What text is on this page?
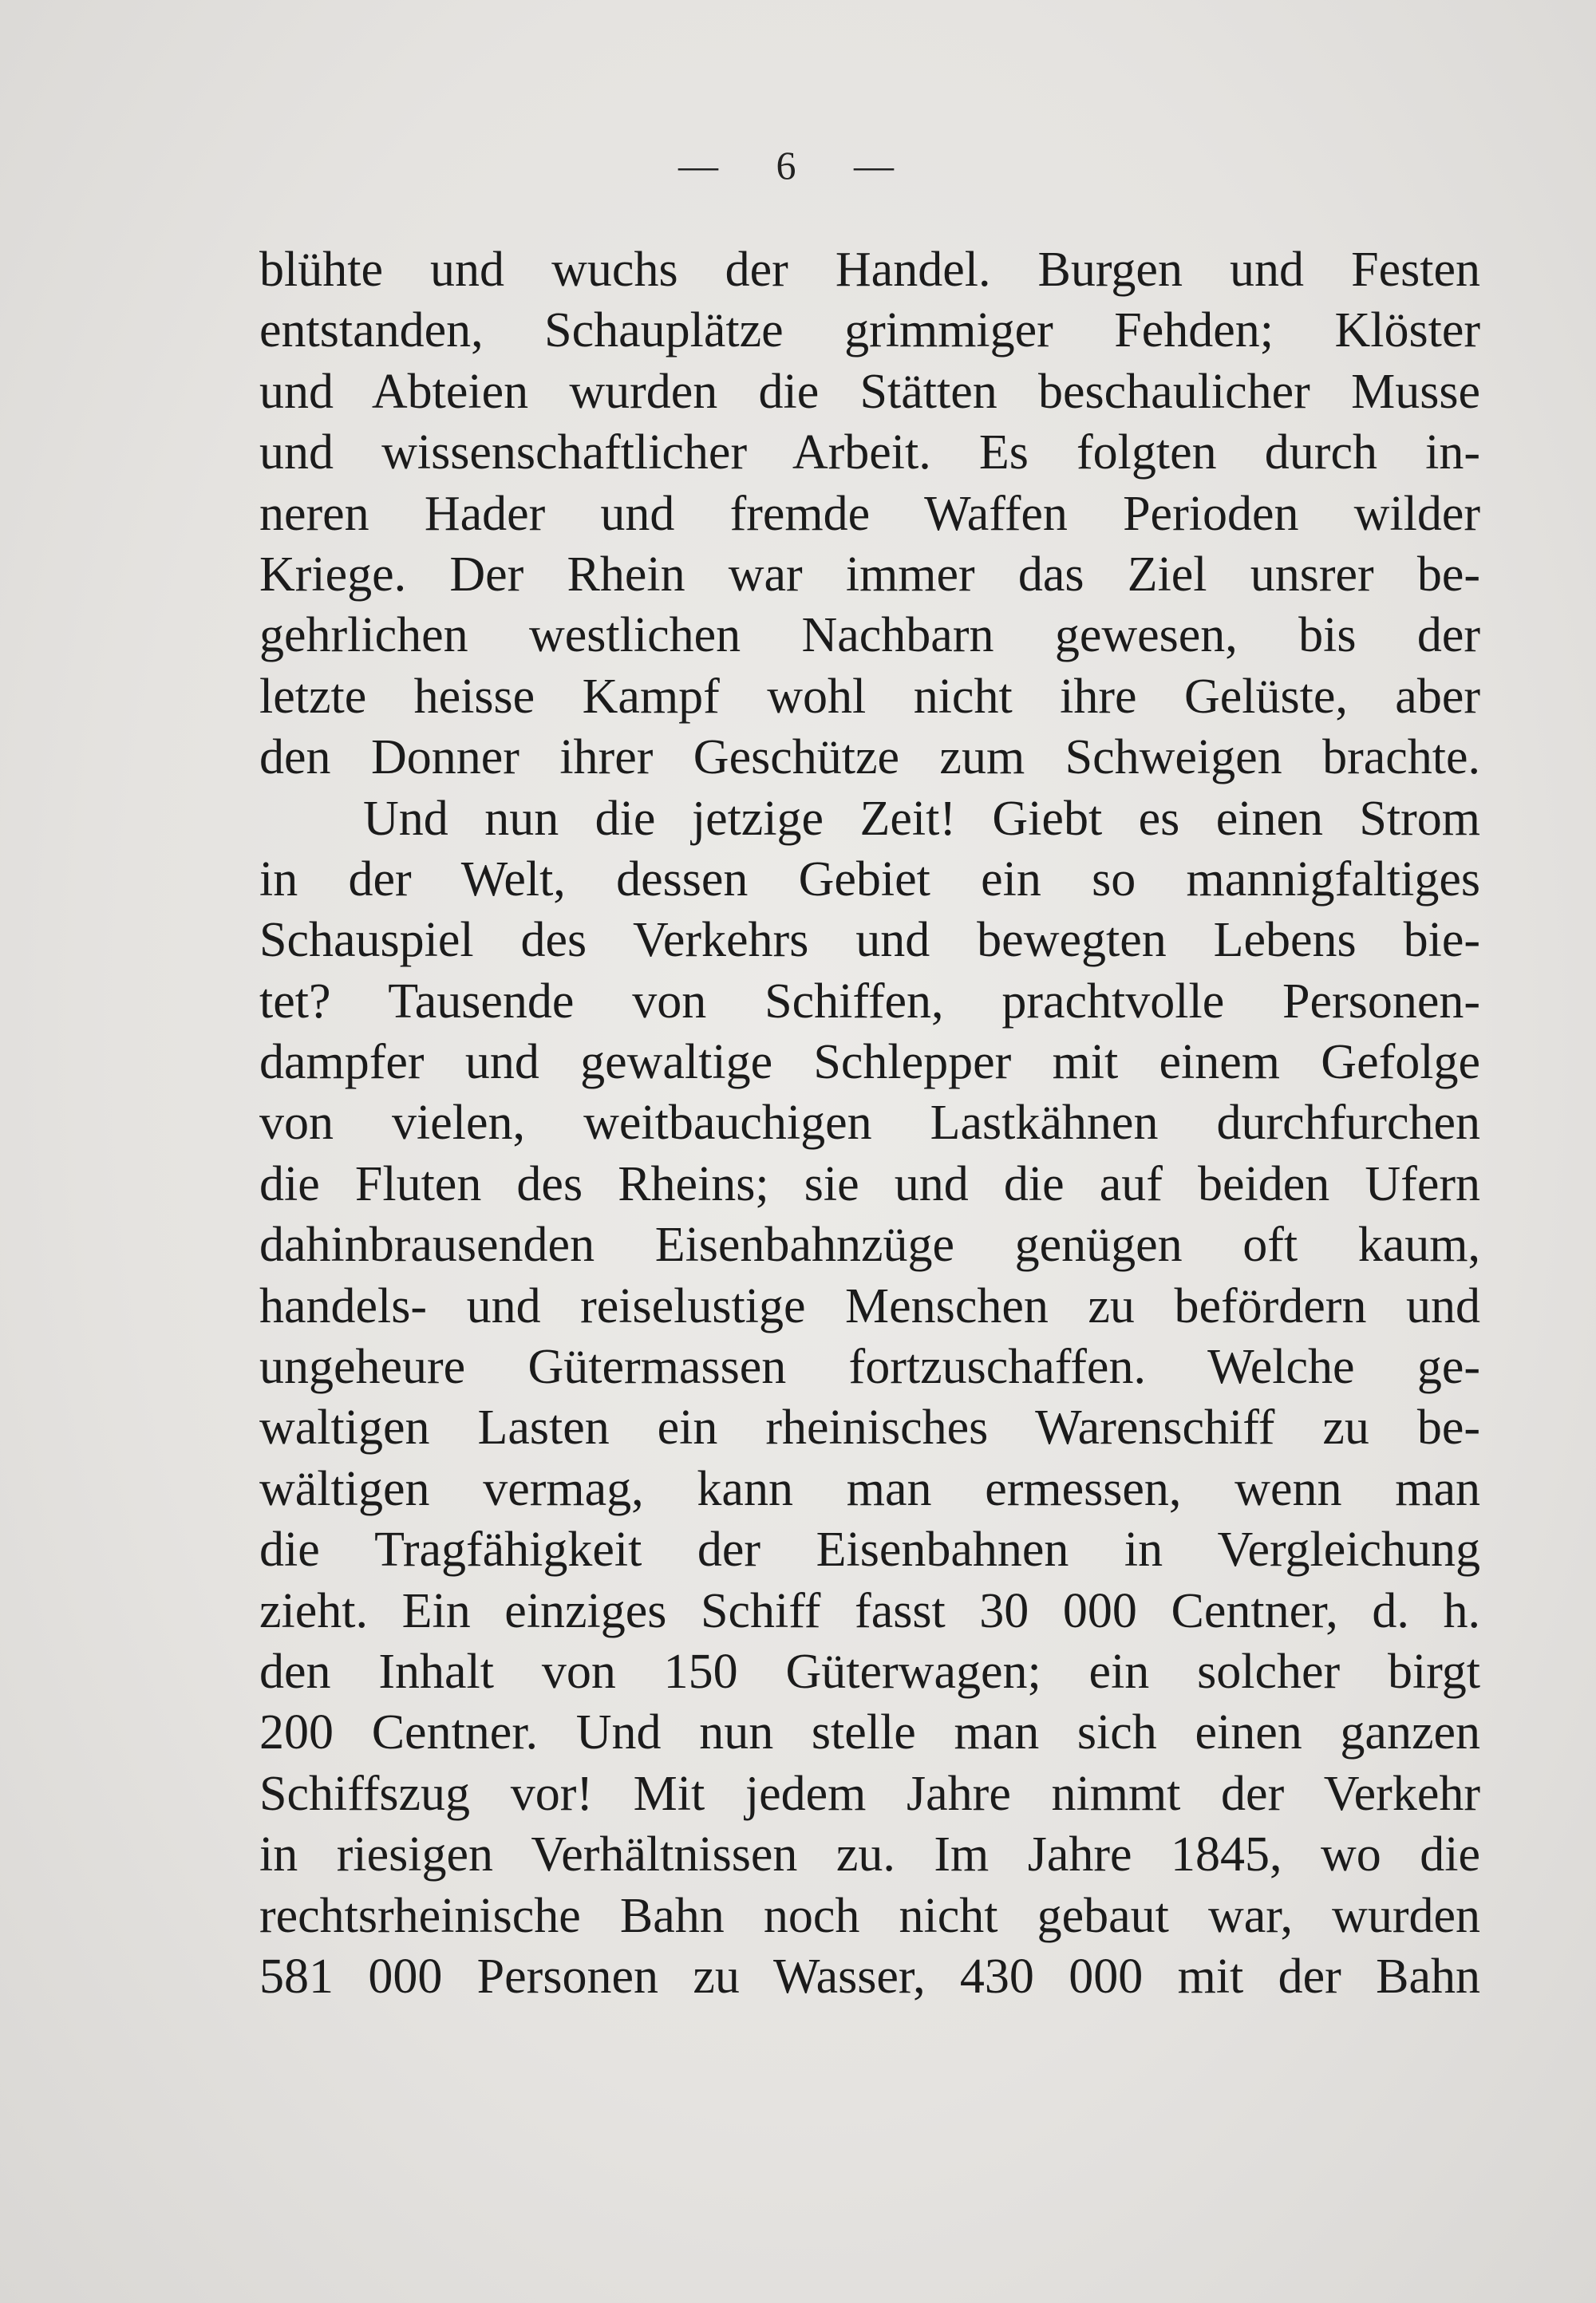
— 6 —
blühte und wuchs der Handel. Burgen und Festen
entstanden, Schauplätze grimmiger Fehden; Klöster
und Abteien wurden die Stätten beschaulicher Musse
und wissenschaftlicher Arbeit. Es folgten durch in-
neren Hader und fremde Waffen Perioden wilder
Kriege. Der Rhein war immer das Ziel unsrer be-
gehrlichen westlichen Nachbarn gewesen, bis der
letzte heisse Kampf wohl nicht ihre Gelüste, aber
den Donner ihrer Geschütze zum Schweigen brachte.
Und nun die jetzige Zeit! Giebt es einen Strom
in der Welt, dessen Gebiet ein so mannigfaltiges
Schauspiel des Verkehrs und bewegten Lebens bie-
tet? Tausende von Schiffen, prachtvolle Personen-
dampfer und gewaltige Schlepper mit einem Gefolge
von vielen, weitbauchigen Lastkähnen durchfurchen
die Fluten des Rheins; sie und die auf beiden Ufern
dahinbrausenden Eisenbahnzüge genügen oft kaum,
handels- und reiselustige Menschen zu befördern und
ungeheure Gütermassen fortzuschaffen. Welche ge-
waltigen Lasten ein rheinisches Warenschiff zu be-
wältigen vermag, kann man ermessen, wenn man
die Tragfähigkeit der Eisenbahnen in Vergleichung
zieht. Ein einziges Schiff fasst 30 000 Centner, d. h.
den Inhalt von 150 Güterwagen; ein solcher birgt
200 Centner. Und nun stelle man sich einen ganzen
Schiffszug vor! Mit jedem Jahre nimmt der Verkehr
in riesigen Verhältnissen zu. Im Jahre 1845, wo die
rechtsrheinische Bahn noch nicht gebaut war, wurden
581 000 Personen zu Wasser, 430 000 mit der Bahn
